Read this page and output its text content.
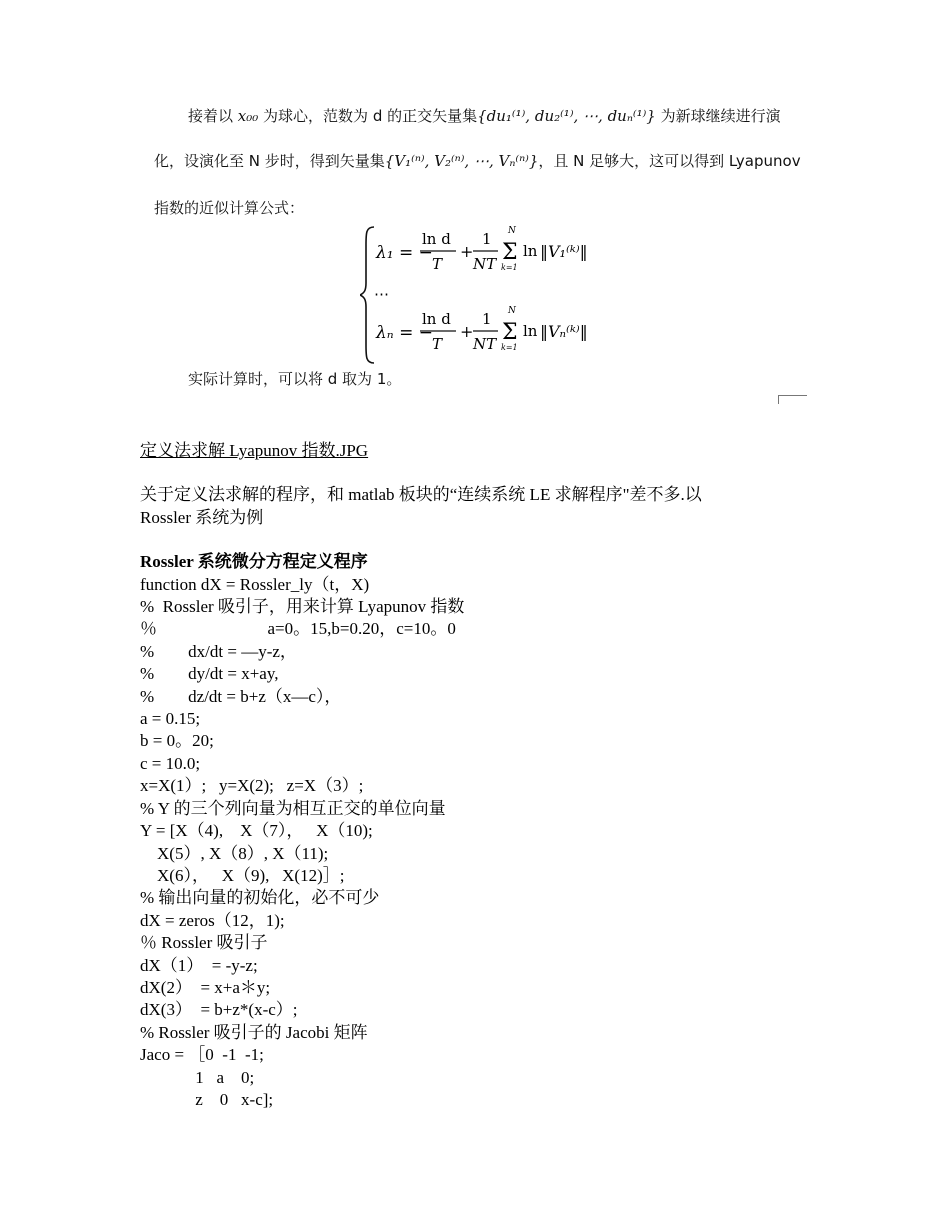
接着以 x₀₀ 为球心，范数为 d 的正交矢量集{du₁⁽¹⁾, du₂⁽¹⁾, ⋯, duₙ⁽¹⁾} 为新球继续进行演
化，设演化至 N 步时，得到矢量集{V₁⁽ⁿ⁾, V₂⁽ⁿ⁾, ⋯, Vₙ⁽ⁿ⁾}，且 N 足够大，这可以得到 Lyapunov
指数的近似计算公式：
λ₁ = −
ln d
T
+
1
NT
N
Σ
k=1
ln ‖V₁⁽ᵏ⁾‖
⋯
λₙ = −
ln d
T
+
1
NT
N
Σ
k=1
ln ‖Vₙ⁽ᵏ⁾‖
实际计算时，可以将 d 取为 1。

定义法求解 Lyapunov 指数.JPG

关于定义法求解的程序，和 matlab 板块的“连续系统 LE 求解程序"差不多.以

Rossler 系统为例

Rossler 系统微分方程定义程序

function dX = Rossler_ly（t，X)

%  Rossler 吸引子，用来计算 Lyapunov 指数

％                          a=0。15,b=0.20，c=10。0

%        dx/dt = —y-z，

%        dy/dt = x+ay,

%        dz/dt = b+z（x—c），

a = 0.15;

b = 0。20;

c = 10.0;

x=X(1）;   y=X(2);   z=X（3）;

% Y 的三个列向量为相互正交的单位向量

Y = [X（4),    X（7），   X（10);

X(5）, X（8）, X（11);

X(6），   X（9),   X(12)］;

% 输出向量的初始化，必不可少

dX = zeros（12，1);

％ Rossler 吸引子

dX（1）  = -y-z;

dX(2）  = x+a＊y;

dX(3）  = b+z*(x-c）;

% Rossler 吸引子的 Jacobi 矩阵

Jaco = ［0  -1  -1;

1   a    0;

z    0   x-c];
